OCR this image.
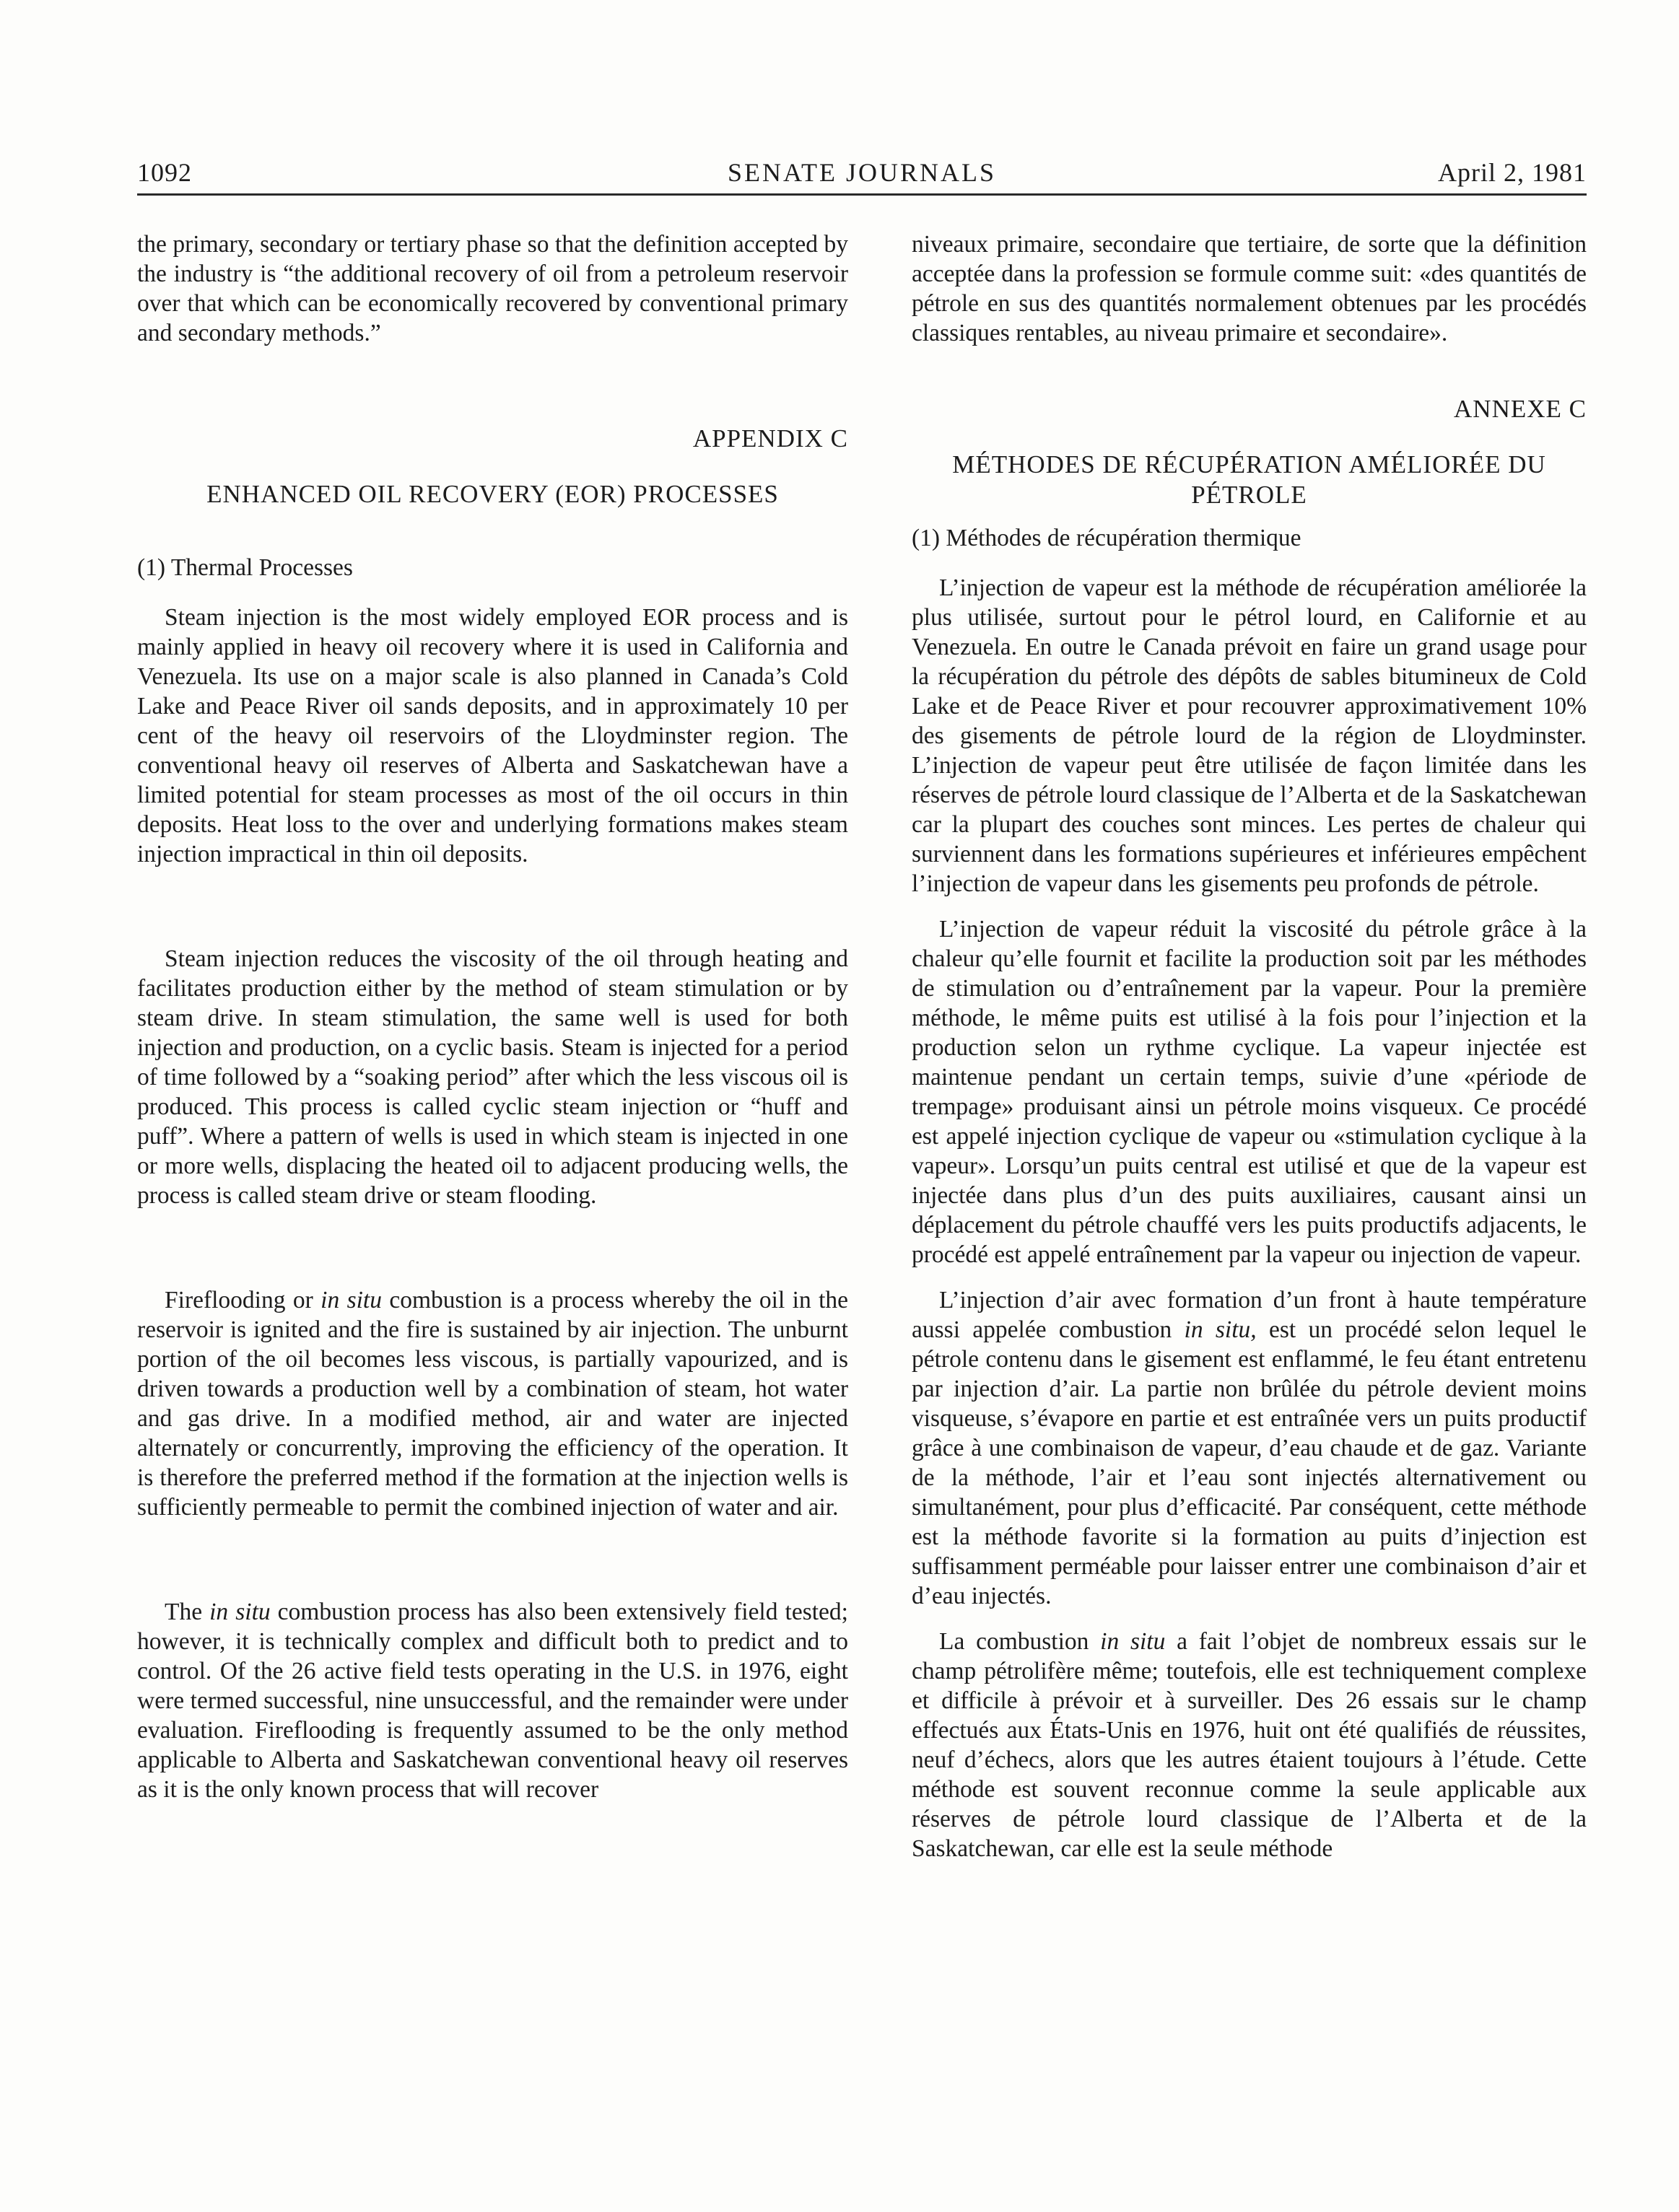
1092	SENATE JOURNALS	April 2, 1981

the primary, secondary or tertiary phase so that the definition accepted by the industry is “the additional recovery of oil from a petroleum reservoir over that which can be economically recovered by conventional primary and secondary methods.”

APPENDIX C

ENHANCED OIL RECOVERY (EOR) PROCESSES

(1) Thermal Processes

Steam injection is the most widely employed EOR process and is mainly applied in heavy oil recovery where it is used in California and Venezuela. Its use on a major scale is also planned in Canada’s Cold Lake and Peace River oil sands deposits, and in approximately 10 per cent of the heavy oil reservoirs of the Lloydminster region. The conventional heavy oil reserves of Alberta and Saskatchewan have a limited potential for steam processes as most of the oil occurs in thin deposits. Heat loss to the over and underlying formations makes steam injection impractical in thin oil deposits.

Steam injection reduces the viscosity of the oil through heating and facilitates production either by the method of steam stimulation or by steam drive. In steam stimulation, the same well is used for both injection and production, on a cyclic basis. Steam is injected for a period of time followed by a “soaking period” after which the less viscous oil is produced. This process is called cyclic steam injection or “huff and puff”. Where a pattern of wells is used in which steam is injected in one or more wells, displacing the heated oil to adjacent producing wells, the process is called steam drive or steam flooding.

Fireflooding or in situ combustion is a process whereby the oil in the reservoir is ignited and the fire is sustained by air injection. The unburnt portion of the oil becomes less viscous, is partially vapourized, and is driven towards a production well by a combination of steam, hot water and gas drive. In a modified method, air and water are injected alternately or concurrently, improving the efficiency of the operation. It is therefore the preferred method if the formation at the injection wells is sufficiently permeable to permit the combined injection of water and air.

The in situ combustion process has also been extensively field tested; however, it is technically complex and difficult both to predict and to control. Of the 26 active field tests operating in the U.S. in 1976, eight were termed successful, nine unsuccessful, and the remainder were under evaluation. Fireflooding is frequently assumed to be the only method applicable to Alberta and Saskatchewan conventional heavy oil reserves as it is the only known process that will recover

niveaux primaire, secondaire que tertiaire, de sorte que la définition acceptée dans la profession se formule comme suit: «des quantités de pétrole en sus des quantités normalement obtenues par les procédés classiques rentables, au niveau primaire et secondaire».

ANNEXE C

MÉTHODES DE RÉCUPÉRATION AMÉLIORÉE DU PÉTROLE

(1) Méthodes de récupération thermique

L’injection de vapeur est la méthode de récupération améliorée la plus utilisée, surtout pour le pétrol lourd, en Californie et au Venezuela. En outre le Canada prévoit en faire un grand usage pour la récupération du pétrole des dépôts de sables bitumineux de Cold Lake et de Peace River et pour recouvrer approximativement 10% des gisements de pétrole lourd de la région de Lloydminster. L’injection de vapeur peut être utilisée de façon limitée dans les réserves de pétrole lourd classique de l’Alberta et de la Saskatchewan car la plupart des couches sont minces. Les pertes de chaleur qui surviennent dans les formations supérieures et inférieures empêchent l’injection de vapeur dans les gisements peu profonds de pétrole.

L’injection de vapeur réduit la viscosité du pétrole grâce à la chaleur qu’elle fournit et facilite la production soit par les méthodes de stimulation ou d’entraînement par la vapeur. Pour la première méthode, le même puits est utilisé à la fois pour l’injection et la production selon un rythme cyclique. La vapeur injectée est maintenue pendant un certain temps, suivie d’une «période de trempage» produisant ainsi un pétrole moins visqueux. Ce procédé est appelé injection cyclique de vapeur ou «stimulation cyclique à la vapeur». Lorsqu’un puits central est utilisé et que de la vapeur est injectée dans plus d’un des puits auxiliaires, causant ainsi un déplacement du pétrole chauffé vers les puits productifs adjacents, le procédé est appelé entraînement par la vapeur ou injection de vapeur.

L’injection d’air avec formation d’un front à haute température aussi appelée combustion in situ, est un procédé selon lequel le pétrole contenu dans le gisement est enflammé, le feu étant entretenu par injection d’air. La partie non brûlée du pétrole devient moins visqueuse, s’évapore en partie et est entraînée vers un puits productif grâce à une combinaison de vapeur, d’eau chaude et de gaz. Variante de la méthode, l’air et l’eau sont injectés alternativement ou simultanément, pour plus d’efficacité. Par conséquent, cette méthode est la méthode favorite si la formation au puits d’injection est suffisamment perméable pour laisser entrer une combinaison d’air et d’eau injectés.

La combustion in situ a fait l’objet de nombreux essais sur le champ pétrolifère même; toutefois, elle est techniquement complexe et difficile à prévoir et à surveiller. Des 26 essais sur le champ effectués aux États-Unis en 1976, huit ont été qualifiés de réussites, neuf d’échecs, alors que les autres étaient toujours à l’étude. Cette méthode est souvent reconnue comme la seule applicable aux réserves de pétrole lourd classique de l’Alberta et de la Saskatchewan, car elle est la seule méthode
